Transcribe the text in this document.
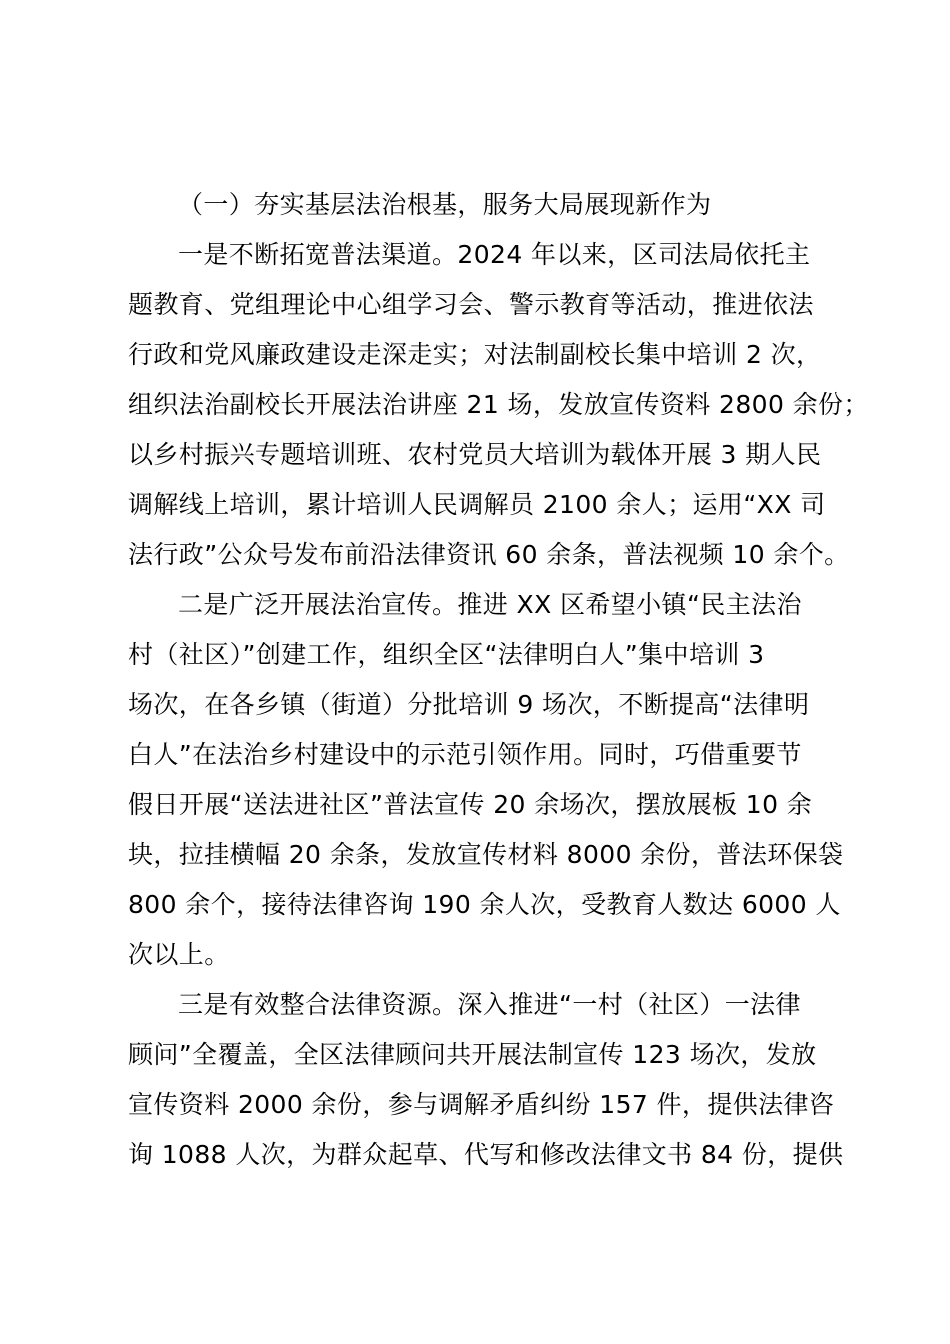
（一）夯实基层法治根基，服务大局展现新作为
一是不断拓宽普法渠道。2024 年以来，区司法局依托主
题教育、党组理论中心组学习会、警示教育等活动，推进依法
行政和党风廉政建设走深走实；对法制副校长集中培训 2 次，
组织法治副校长开展法治讲座 21 场，发放宣传资料 2800 余份；
以乡村振兴专题培训班、农村党员大培训为载体开展 3 期人民
调解线上培训，累计培训人民调解员 2100 余人；运用“XX 司
法行政”公众号发布前沿法律资讯 60 余条，普法视频 10 余个。
二是广泛开展法治宣传。推进 XX 区希望小镇“民主法治
村（社区）”创建工作，组织全区“法律明白人”集中培训 3
场次，在各乡镇（街道）分批培训 9 场次，不断提高“法律明
白人”在法治乡村建设中的示范引领作用。同时，巧借重要节
假日开展“送法进社区”普法宣传 20 余场次，摆放展板 10 余
块，拉挂横幅 20 余条，发放宣传材料 8000 余份，普法环保袋
800 余个，接待法律咨询 190 余人次，受教育人数达 6000 人
次以上。
三是有效整合法律资源。深入推进“一村（社区）一法律
顾问”全覆盖，全区法律顾问共开展法制宣传 123 场次，发放
宣传资料 2000 余份，参与调解矛盾纠纷 157 件，提供法律咨
询 1088 人次，为群众起草、代写和修改法律文书 84 份，提供
